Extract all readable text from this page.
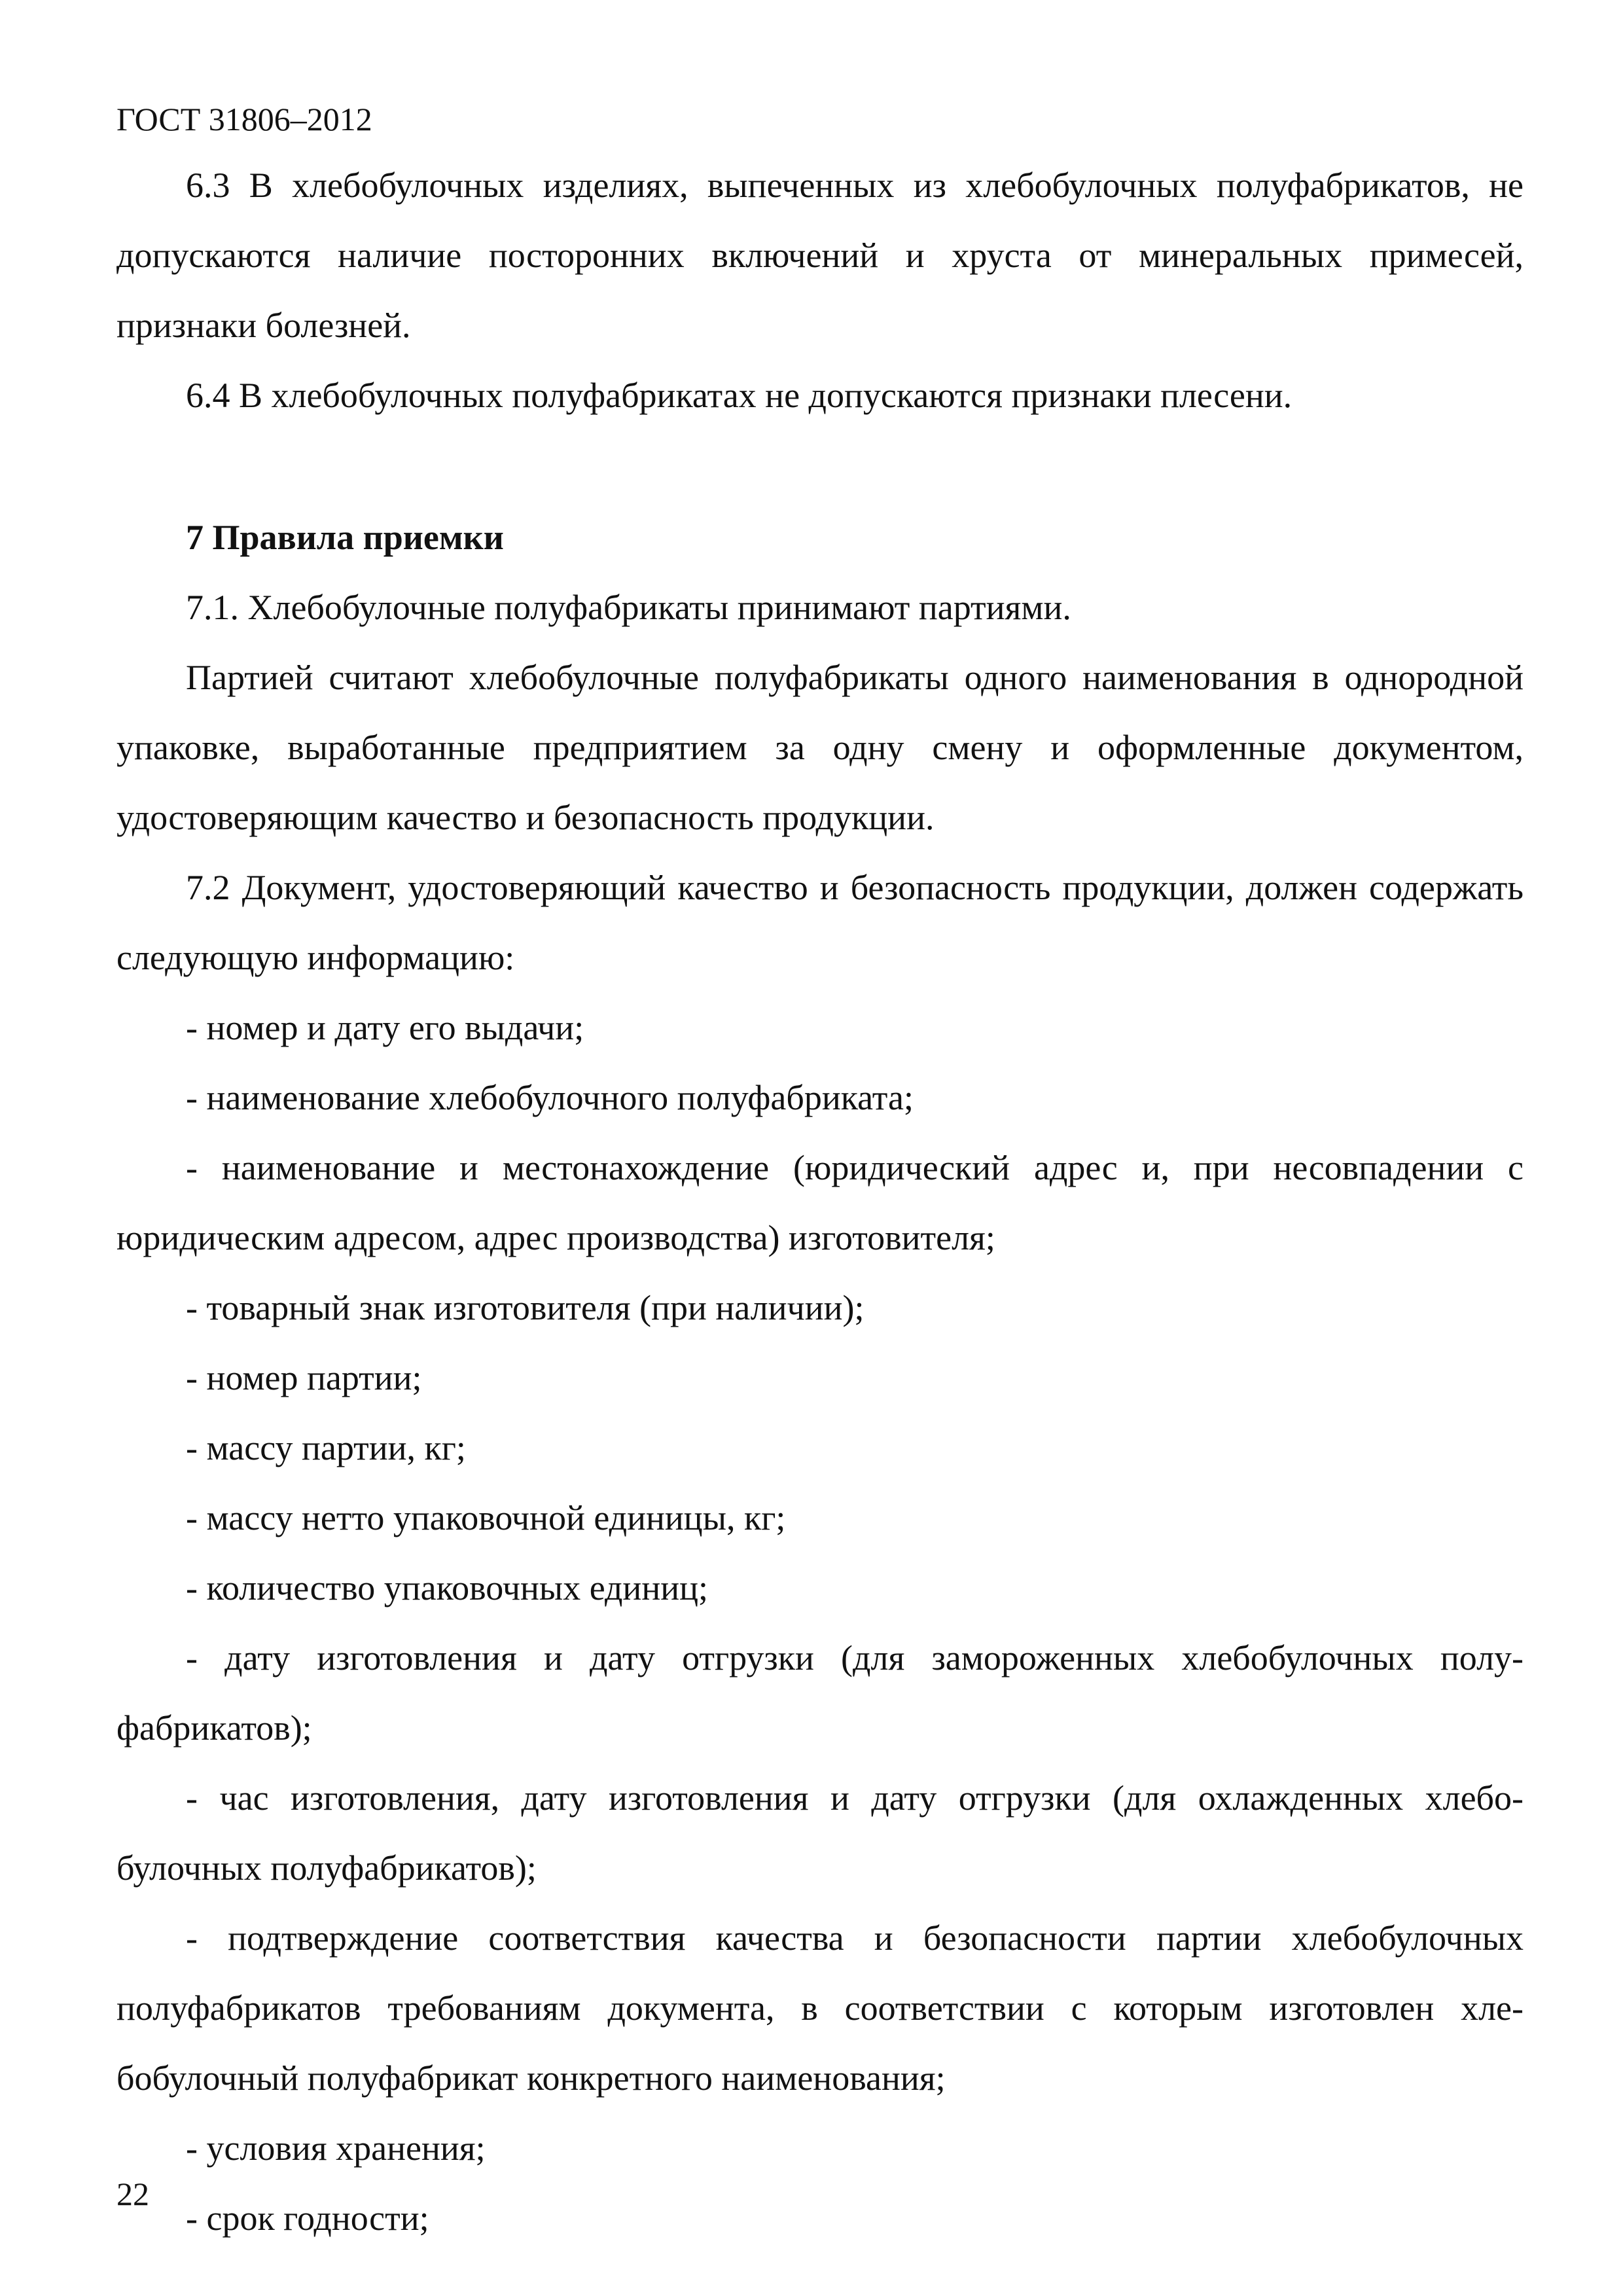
ГОСТ 31806–2012

6.3 В хлебобулочных изделиях, выпеченных из хлебобулочных полуфабрикатов, не допускаются наличие посторонних включений и хруста от минеральных примесей, признаки болезней.

6.4 В хлебобулочных полуфабрикатах не допускаются признаки плесени.

7 Правила приемки

7.1. Хлебобулочные полуфабрикаты принимают партиями.

Партией считают хлебобулочные полуфабрикаты одного наименования в однородной упаковке, выработанные предприятием за одну смену и оформленные документом, удостоверяющим качество и безопасность продукции.

7.2 Документ, удостоверяющий качество и безопасность продукции, должен содержать следующую информацию:

- номер и дату его выдачи;

- наименование хлебобулочного полуфабриката;

- наименование и местонахождение (юридический адрес и, при несовпадении с юридическим адресом, адрес производства) изготовителя;

- товарный знак изготовителя (при наличии);

- номер партии;

- массу партии, кг;

- массу нетто упаковочной единицы, кг;

- количество упаковочных единиц;

- дату изготовления и дату отгрузки (для замороженных хлебобулочных полуфабрикатов);

- час изготовления, дату изготовления и дату отгрузки (для охлажденных хлебобулочных полуфабрикатов);

- подтверждение соответствия качества и безопасности партии хлебобулочных полуфабрикатов требованиям документа, в соответствии с которым изготовлен хлебобулочный полуфабрикат конкретного наименования;

- условия хранения;

- срок годности;

22
